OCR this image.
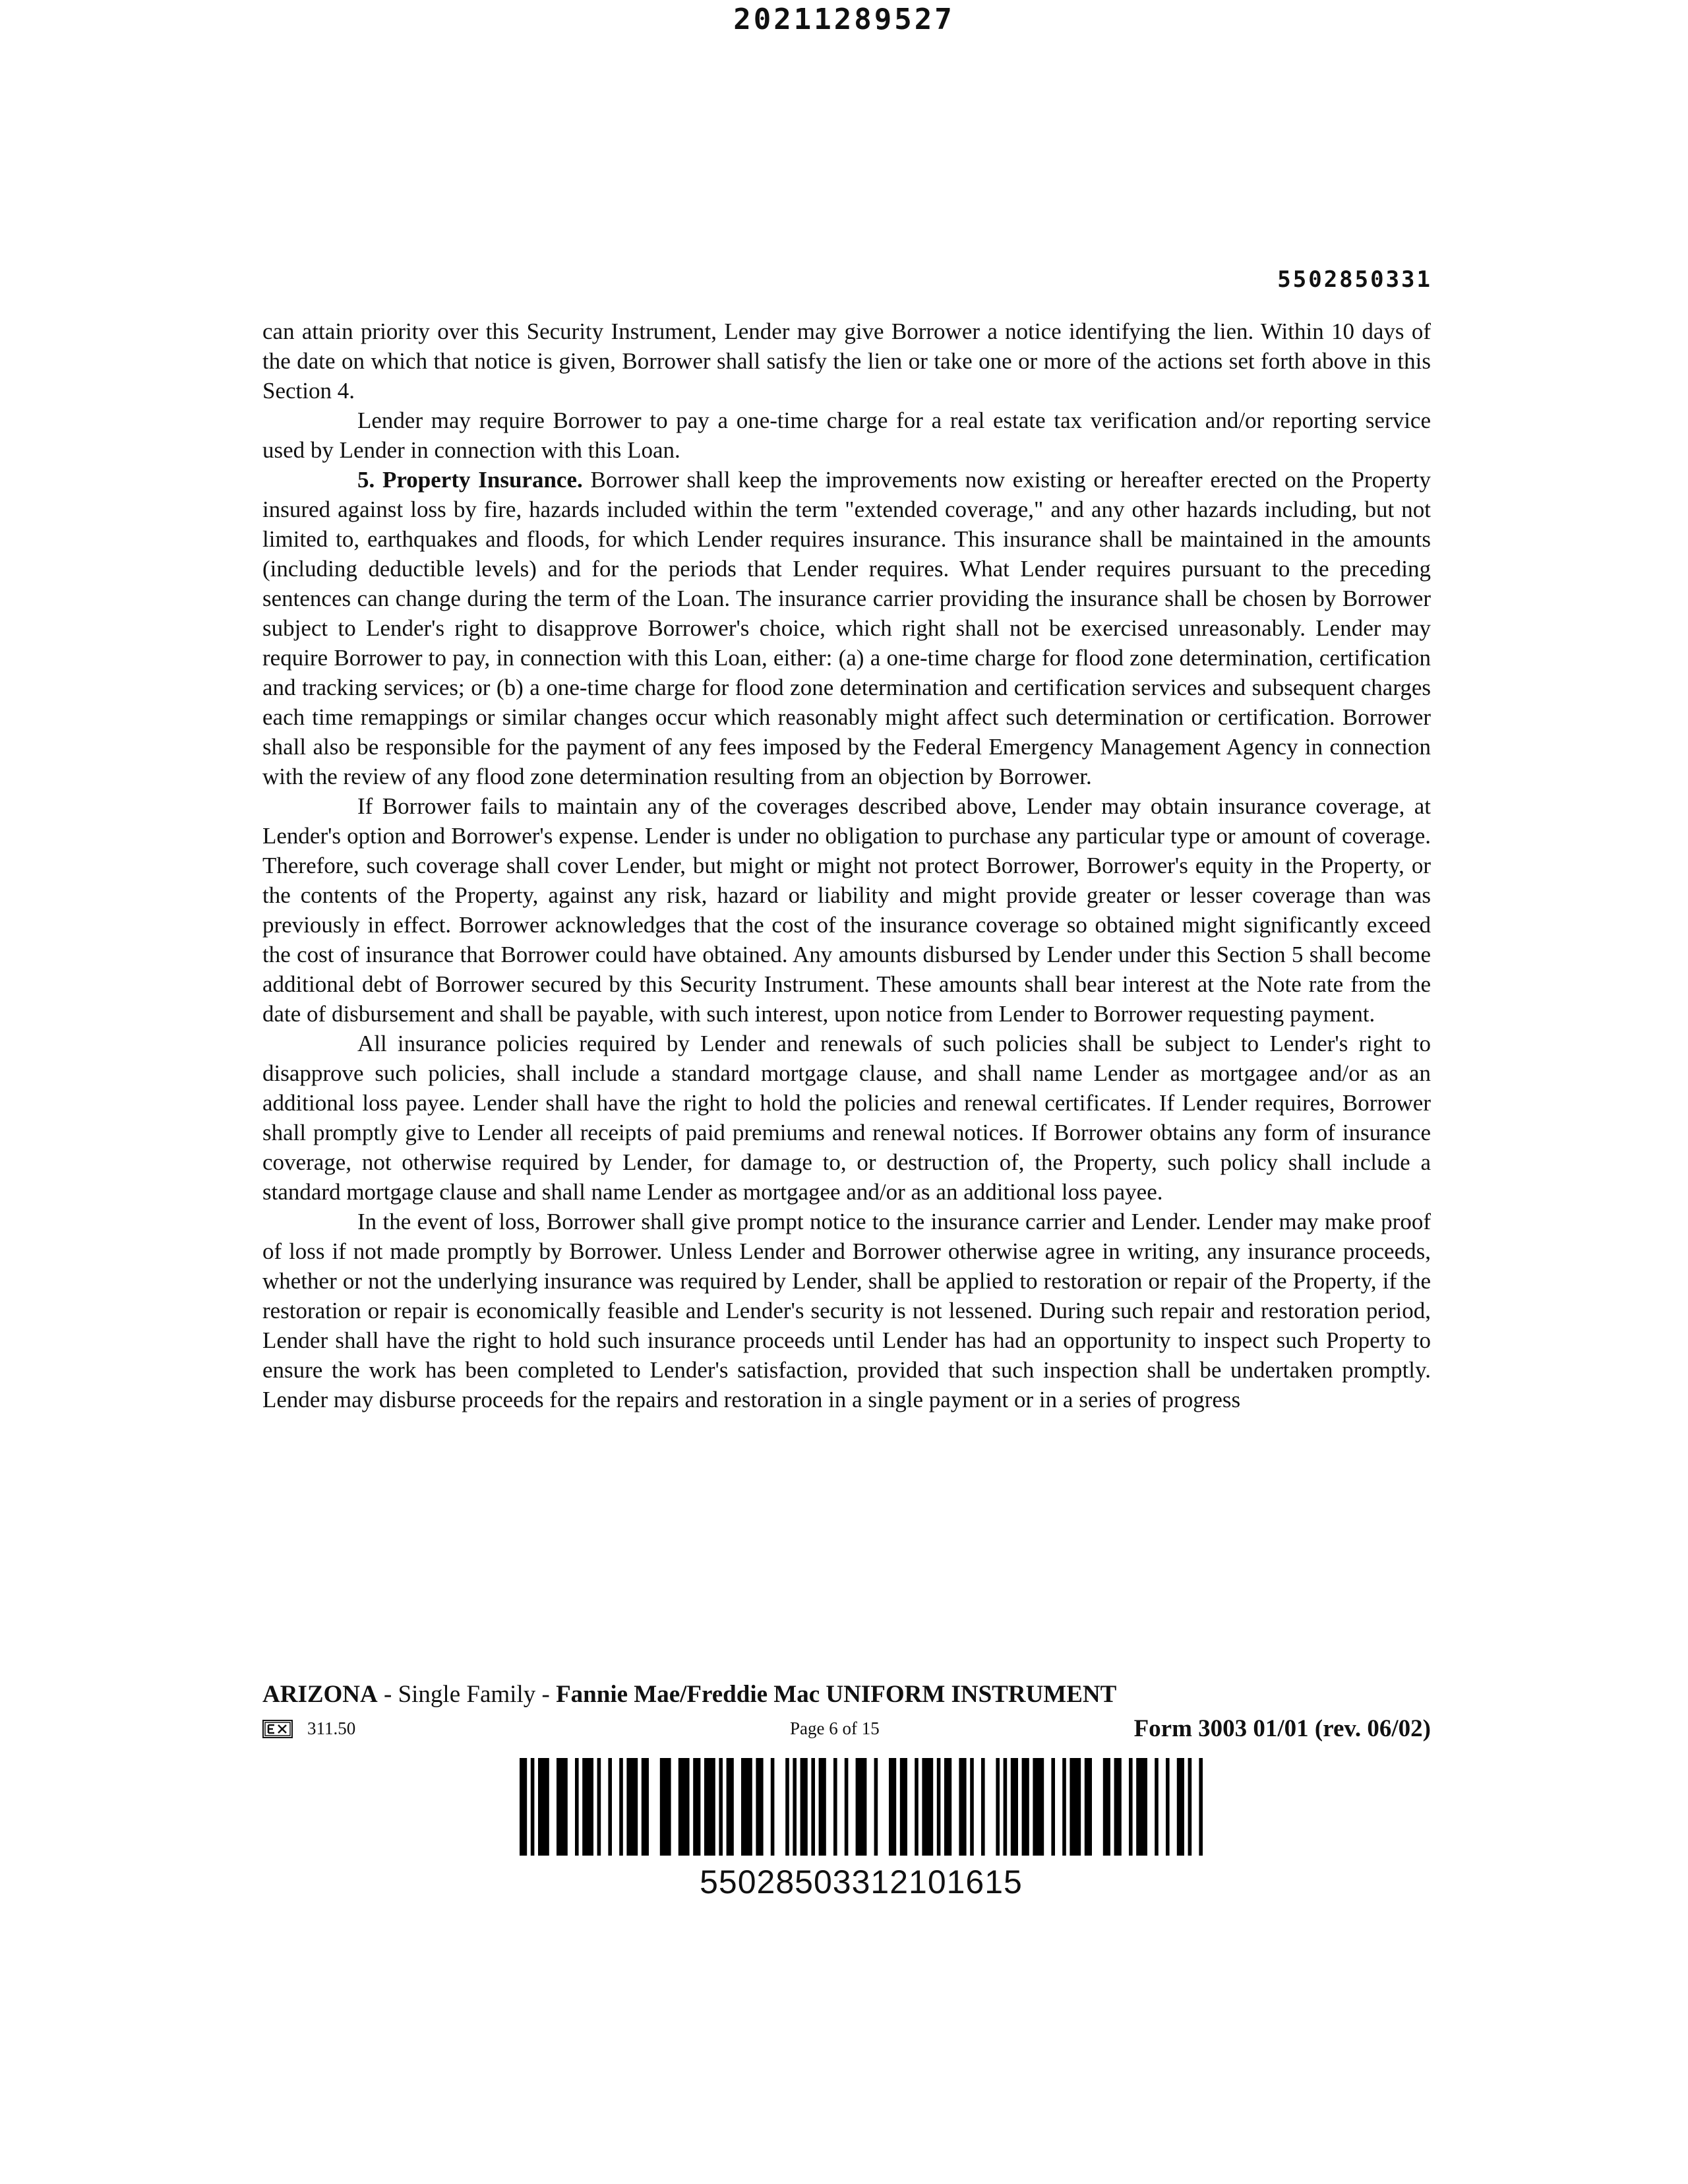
20211289527
5502850331

can attain priority over this Security Instrument, Lender may give Borrower a notice identifying the lien. Within 10 days of the date on which that notice is given, Borrower shall satisfy the lien or take one or more of the actions set forth above in this Section 4.

Lender may require Borrower to pay a one-time charge for a real estate tax verification and/or reporting service used by Lender in connection with this Loan.

5. Property Insurance. Borrower shall keep the improvements now existing or hereafter erected on the Property insured against loss by fire, hazards included within the term "extended coverage," and any other hazards including, but not limited to, earthquakes and floods, for which Lender requires insurance. This insurance shall be maintained in the amounts (including deductible levels) and for the periods that Lender requires. What Lender requires pursuant to the preceding sentences can change during the term of the Loan. The insurance carrier providing the insurance shall be chosen by Borrower subject to Lender's right to disapprove Borrower's choice, which right shall not be exercised unreasonably. Lender may require Borrower to pay, in connection with this Loan, either: (a) a one-time charge for flood zone determination, certification and tracking services; or (b) a one-time charge for flood zone determination and certification services and subsequent charges each time remappings or similar changes occur which reasonably might affect such determination or certification. Borrower shall also be responsible for the payment of any fees imposed by the Federal Emergency Management Agency in connection with the review of any flood zone determination resulting from an objection by Borrower.

If Borrower fails to maintain any of the coverages described above, Lender may obtain insurance coverage, at Lender's option and Borrower's expense. Lender is under no obligation to purchase any particular type or amount of coverage. Therefore, such coverage shall cover Lender, but might or might not protect Borrower, Borrower's equity in the Property, or the contents of the Property, against any risk, hazard or liability and might provide greater or lesser coverage than was previously in effect. Borrower acknowledges that the cost of the insurance coverage so obtained might significantly exceed the cost of insurance that Borrower could have obtained. Any amounts disbursed by Lender under this Section 5 shall become additional debt of Borrower secured by this Security Instrument. These amounts shall bear interest at the Note rate from the date of disbursement and shall be payable, with such interest, upon notice from Lender to Borrower requesting payment.

All insurance policies required by Lender and renewals of such policies shall be subject to Lender's right to disapprove such policies, shall include a standard mortgage clause, and shall name Lender as mortgagee and/or as an additional loss payee. Lender shall have the right to hold the policies and renewal certificates. If Lender requires, Borrower shall promptly give to Lender all receipts of paid premiums and renewal notices. If Borrower obtains any form of insurance coverage, not otherwise required by Lender, for damage to, or destruction of, the Property, such policy shall include a standard mortgage clause and shall name Lender as mortgagee and/or as an additional loss payee.

In the event of loss, Borrower shall give prompt notice to the insurance carrier and Lender. Lender may make proof of loss if not made promptly by Borrower. Unless Lender and Borrower otherwise agree in writing, any insurance proceeds, whether or not the underlying insurance was required by Lender, shall be applied to restoration or repair of the Property, if the restoration or repair is economically feasible and Lender's security is not lessened. During such repair and restoration period, Lender shall have the right to hold such insurance proceeds until Lender has had an opportunity to inspect such Property to ensure the work has been completed to Lender's satisfaction, provided that such inspection shall be undertaken promptly. Lender may disburse proceeds for the repairs and restoration in a single payment or in a series of progress

ARIZONA - Single Family - Fannie Mae/Freddie Mac UNIFORM INSTRUMENT
311.50	Page 6 of 15	Form 3003 01/01 (rev. 06/02)
55028503312101615
